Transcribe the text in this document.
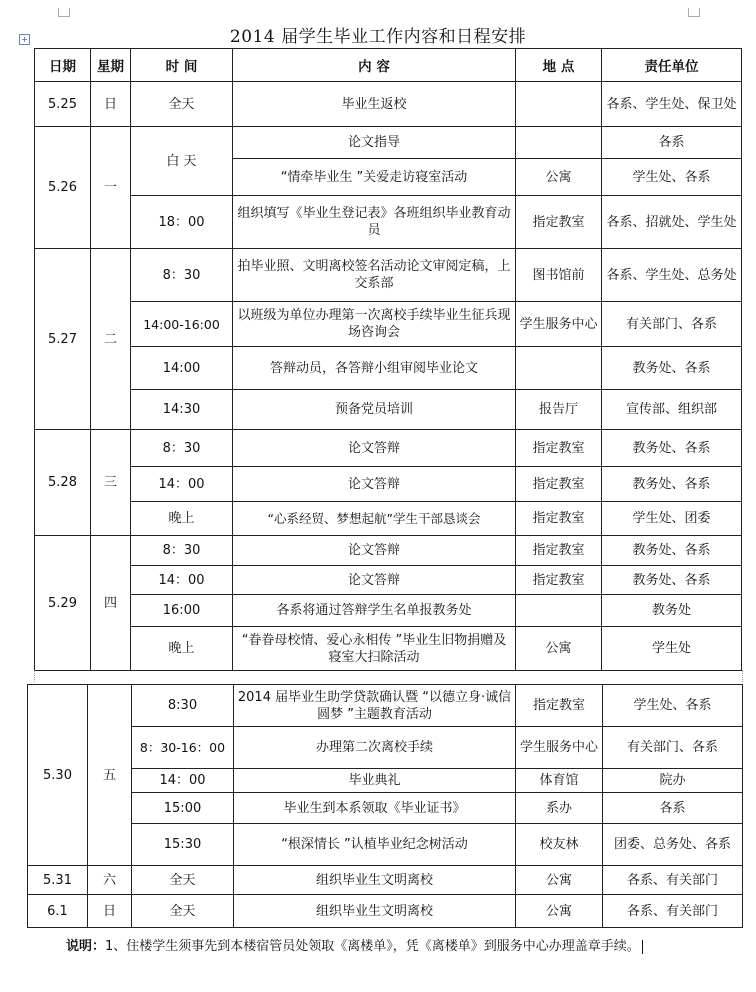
2014 届学生毕业工作内容和日程安排
+
日期	星期	时 间	内 容	地 点	责任单位
5.25	日	全天	毕业生返校		各系、学生处、保卫处
5.26	一	白 天	论文指导		各系
			“情牵毕业生 ”关爱走访寝室活动	公寓	学生处、各系
		18：00	组织填写《毕业生登记表》各班组织毕业教育动员	指定教室	各系、招就处、学生处
5.27	二	8：30	拍毕业照、文明离校签名活动论文审阅定稿，上交系部	图书馆前	各系、学生处、总务处
		14:00-16:00	以班级为单位办理第一次离校手续毕业生征兵现场咨询会	学生服务中心	有关部门、各系
		14:00	答辩动员，各答辩小组审阅毕业论文		教务处、各系
		14:30	预备党员培训	报告厅	宣传部、组织部
5.28	三	8：30	论文答辩	指定教室	教务处、各系
		14：00	论文答辩	指定教室	教务处、各系
		晚上	“心系经贸、梦想起航”学生干部恳谈会	指定教室	学生处、团委
5.29	四	8：30	论文答辩	指定教室	教务处、各系
		14：00	论文答辩	指定教室	教务处、各系
		16:00	各系将通过答辩学生名单报教务处		教务处
		晚上	“眷眷母校情、爱心永相传 ”毕业生旧物捐赠及寝室大扫除活动	公寓	学生处
5.30	五	8:30	2014 届毕业生助学贷款确认暨 “以德立身·诚信圆梦 ”主题教育活动	指定教室	学生处、各系
		8：30-16：00	办理第二次离校手续	学生服务中心	有关部门、各系
		14：00	毕业典礼	体育馆	院办
		15:00	毕业生到本系领取《毕业证书》	系办	各系
		15:30	“根深情长 ”认植毕业纪念树活动	校友林	团委、总务处、各系
5.31	六	全天	组织毕业生文明离校	公寓	各系、有关部门
6.1	日	全天	组织毕业生文明离校	公寓	各系、有关部门
说明：1、住楼学生须事先到本楼宿管员处领取《离楼单》，凭《离楼单》到服务中心办理盖章手续。
